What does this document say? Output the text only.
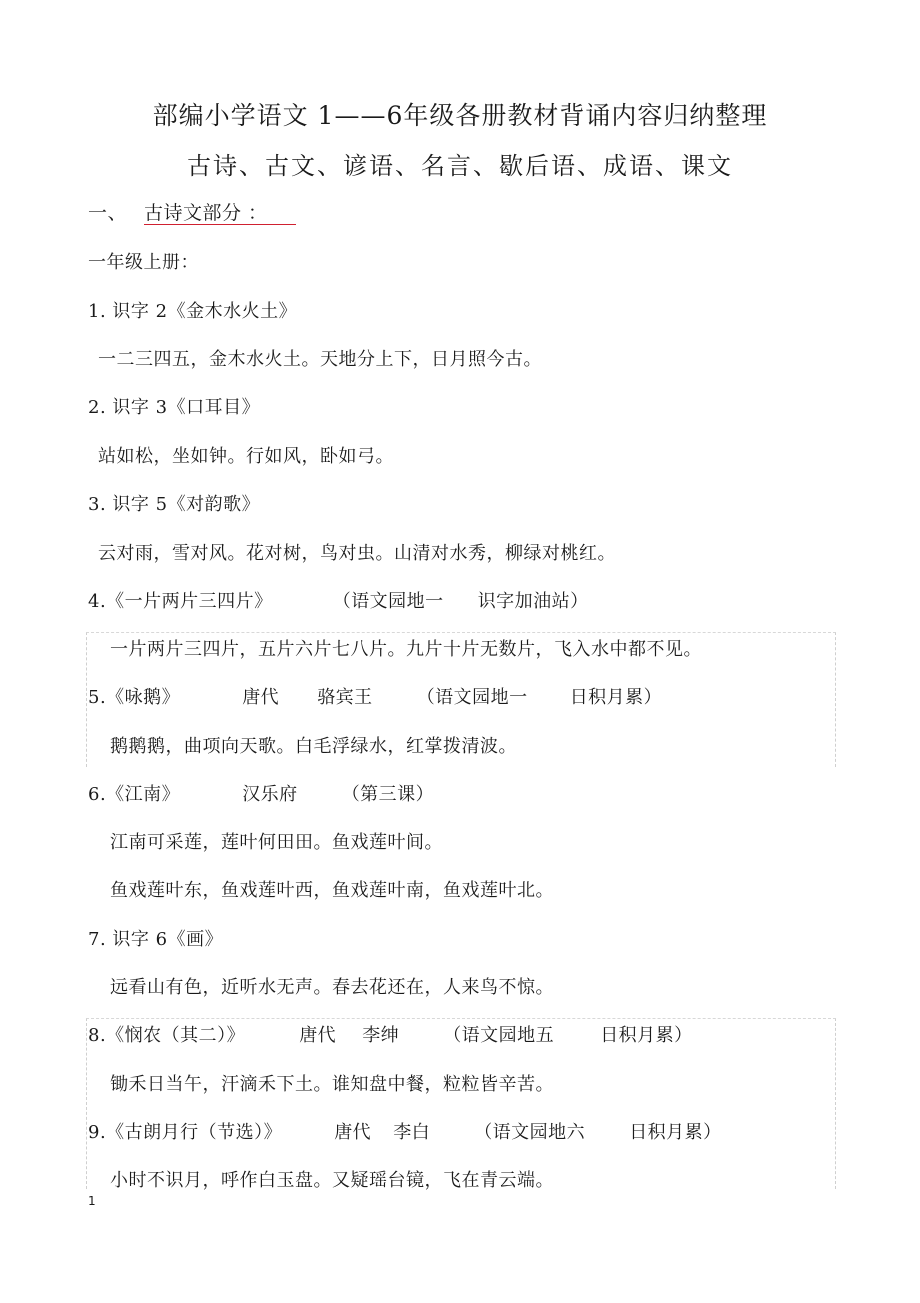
部编小学语文 1——6年级各册教材背诵内容归纳整理
古诗、古文、谚语、名言、歇后语、成语、课文
一、 古诗文部分 ：
一年级上册：
1. 识字 2《金木水火土》
一二三四五，金木水火土。天地分上下，日月照今古。
2. 识字 3《口耳目》
站如松，坐如钟。行如风，卧如弓。
3. 识字 5《对韵歌》
云对雨，雪对风。花对树，鸟对虫。山清对水秀，柳绿对桃红。
4.《一片两片三四片》	（语文园地一 识字加油站）
一片两片三四片，五片六片七八片。九片十片无数片，飞入水中都不见。
5.《咏鹅》	唐代 骆宾王 （语文园地一 日积月累）
鹅鹅鹅，曲项向天歌。白毛浮绿水，红掌拨清波。
6.《江南》	汉乐府 （第三课）
江南可采莲，莲叶何田田。鱼戏莲叶间。
鱼戏莲叶东，鱼戏莲叶西，鱼戏莲叶南，鱼戏莲叶北。
7. 识字 6《画》
远看山有色，近听水无声。春去花还在，人来鸟不惊。
8.《悯农（其二）》	唐代 李绅 （语文园地五	日积月累）
锄禾日当午，汗滴禾下土。谁知盘中餐，粒粒皆辛苦。
9.《古朗月行（节选）》	唐代 李白 （语文园地六 日积月累）
小时不识月，呼作白玉盘。又疑瑶台镜，飞在青云端。
1
